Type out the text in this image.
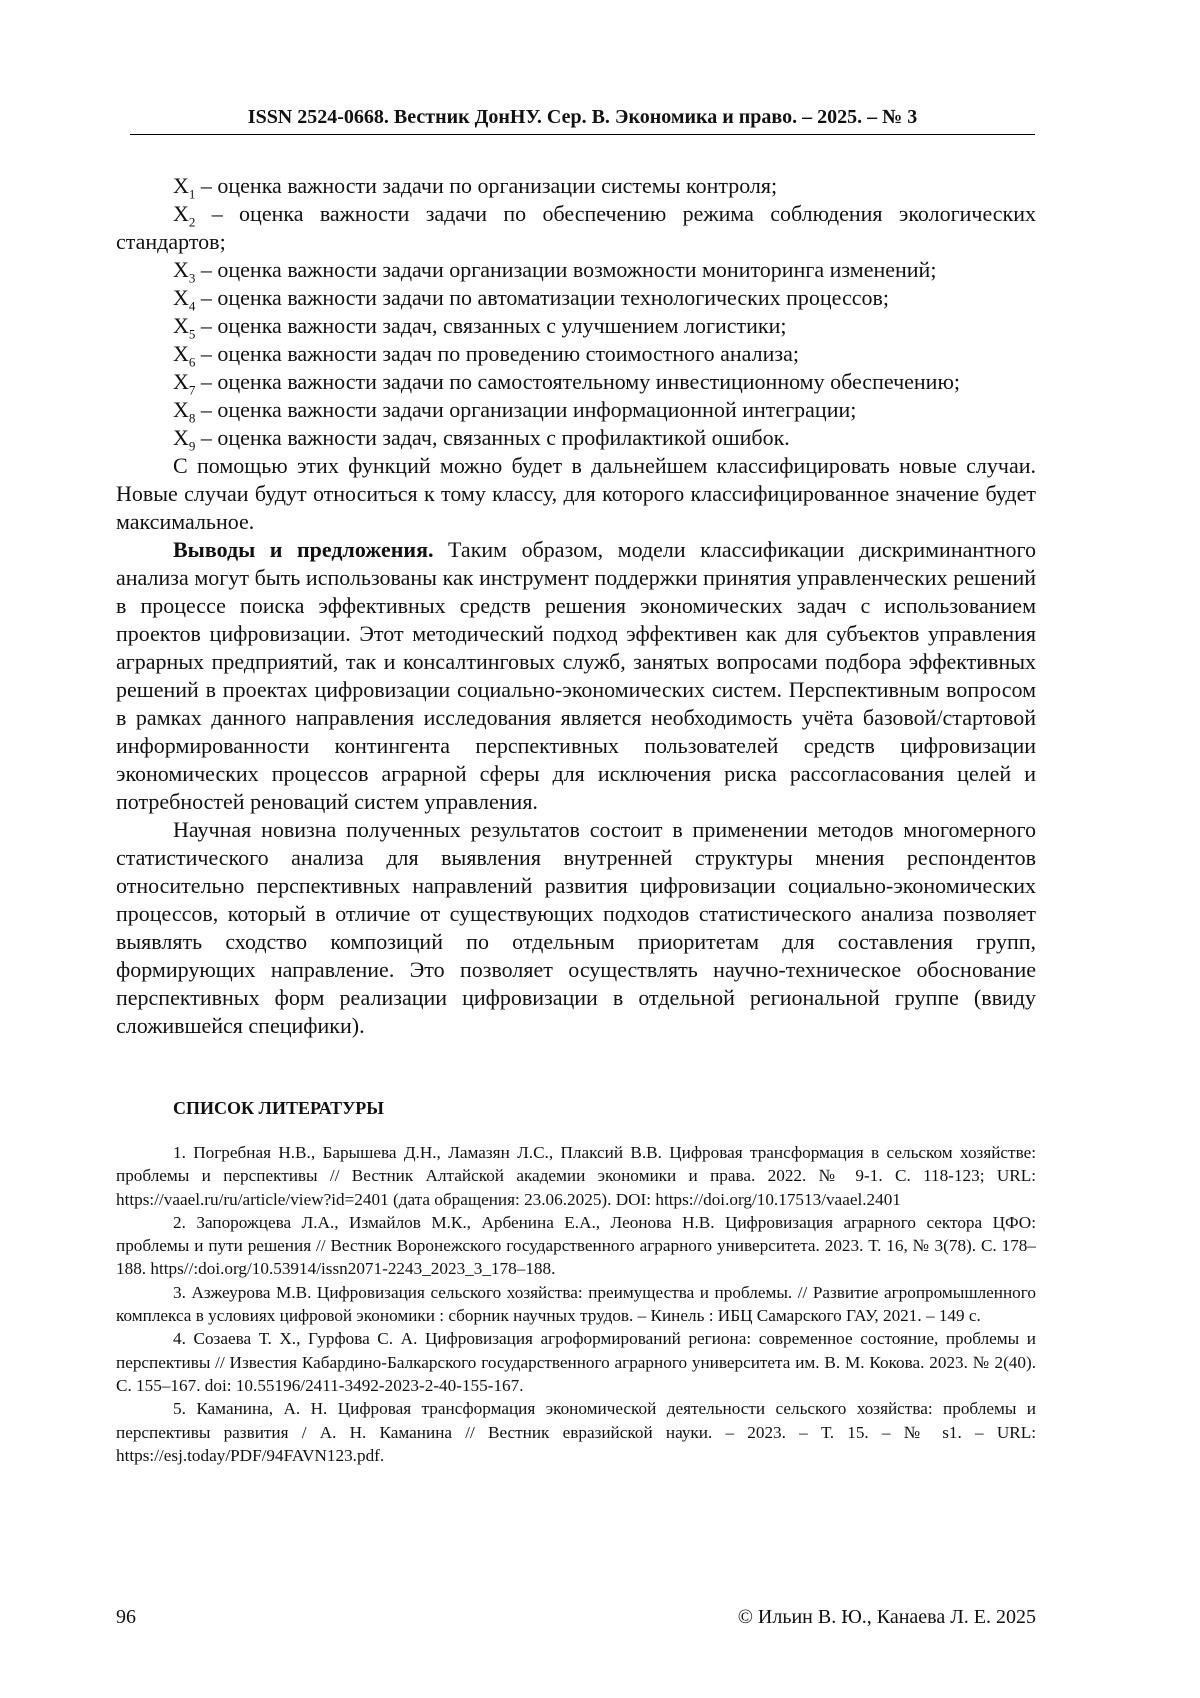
ISSN 2524-0668. Вестник ДонНУ. Сер. В. Экономика и право. – 2025. – № 3

$X_1$ – оценка важности задачи по организации системы контроля;

$X_2$ – оценка важности задачи по обеспечению режима соблюдения экологических стандартов;

$X_3$ – оценка важности задачи организации возможности мониторинга изменений;

$X_4$ – оценка важности задачи по автоматизации технологических процессов;

$X_5$ – оценка важности задач, связанных с улучшением логистики;

$X_6$ – оценка важности задач по проведению стоимостного анализа;

$X_7$ – оценка важности задачи по самостоятельному инвестиционному обеспечению;

$X_8$ – оценка важности задачи организации информационной интеграции;

$X_9$ – оценка важности задач, связанных с профилактикой ошибок.

С помощью этих функций можно будет в дальнейшем классифицировать новые случаи. Новые случаи будут относиться к тому классу, для которого классифицированное значение будет максимальное.

Выводы и предложения. Таким образом, модели классификации дискриминантного анализа могут быть использованы как инструмент поддержки принятия управленческих решений в процессе поиска эффективных средств решения экономических задач с использованием проектов цифровизации. Этот методический подход эффективен как для субъектов управления аграрных предприятий, так и консалтинговых служб, занятых вопросами подбора эффективных решений в проектах цифровизации социально-экономических систем. Перспективным вопросом в рамках данного направления исследования является необходимость учёта базовой/стартовой информированности контингента перспективных пользователей средств цифровизации экономических процессов аграрной сферы для исключения риска рассогласования целей и потребностей реноваций систем управления.

Научная новизна полученных результатов состоит в применении методов многомерного статистического анализа для выявления внутренней структуры мнения респондентов относительно перспективных направлений развития цифровизации социально-экономических процессов, который в отличие от существующих подходов статистического анализа позволяет выявлять сходство композиций по отдельным приоритетам для составления групп, формирующих направление. Это позволяет осуществлять научно-техническое обоснование перспективных форм реализации цифровизации в отдельной региональной группе (ввиду сложившейся специфики).

СПИСОК ЛИТЕРАТУРЫ

1. Погребная Н.В., Барышева Д.Н., Ламазян Л.С., Плаксий В.В. Цифровая трансформация в сельском хозяйстве: проблемы и перспективы // Вестник Алтайской академии экономики и права. 2022. № 9-1. С. 118-123; URL: https://vaael.ru/ru/article/view?id=2401 (дата обращения: 23.06.2025). DOI: https://doi.org/10.17513/vaael.2401

2. Запорожцева Л.А., Измайлов М.К., Арбенина Е.А., Леонова Н.В. Цифровизация аграрного сектора ЦФО: проблемы и пути решения // Вестник Воронежского государственного аграрного университета. 2023. Т. 16, № 3(78). С. 178–188. https//:doi.org/10.53914/issn2071-2243_2023_3_178–188.

3. Азжеурова М.В. Цифровизация сельского хозяйства: преимущества и проблемы. // Развитие агропромышленного комплекса в условиях цифровой экономики : сборник научных трудов. – Кинель : ИБЦ Самарского ГАУ, 2021. – 149 с.

4. Созаева Т. Х., Гурфова С. А. Цифровизация агроформирований региона: современное состояние, проблемы и перспективы // Известия Кабардино-Балкарского государственного аграрного университета им. В. М. Кокова. 2023. № 2(40). С. 155–167. doi: 10.55196/2411-3492-2023-2-40-155-167.

5. Каманина, А. Н. Цифровая трансформация экономической деятельности сельского хозяйства: проблемы и перспективы развития / А. Н. Каманина // Вестник евразийской науки. – 2023. – Т. 15. – № s1. – URL: https://esj.today/PDF/94FAVN123.pdf.

96	© Ильин В. Ю., Канаева Л. Е. 2025
